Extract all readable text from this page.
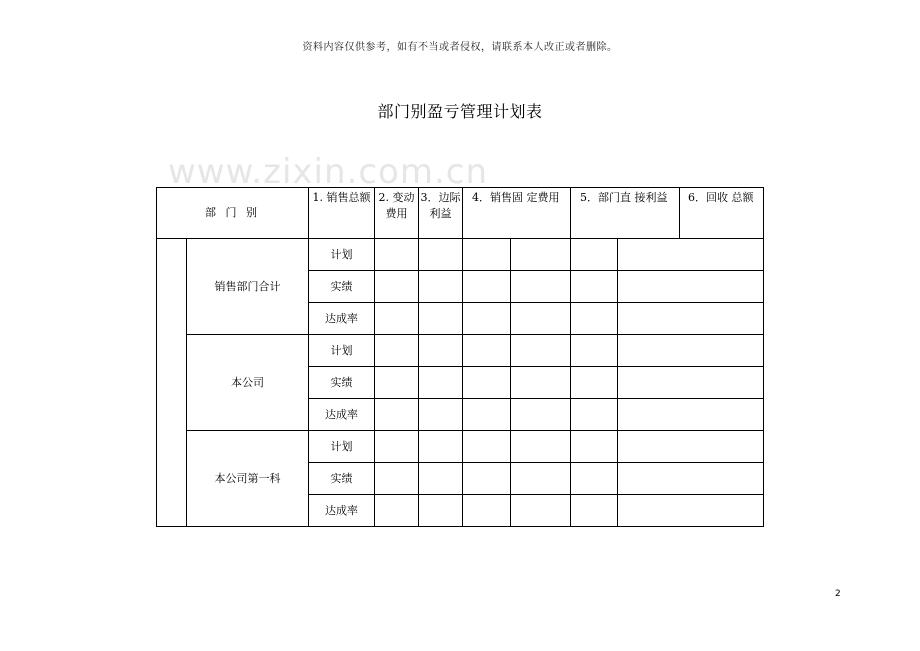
资料内容仅供参考，如有不当或者侵权，请联系本人改正或者删除。
www.zixin.com.cn
部门别盈亏管理计划表
部 门 别		1. 销售总额	2. 变动费用	3．边际利益	4．销售固 定费用		5．部门直 接利益		6．回收 总额
	销售部门合计	计划							
		实绩							
		达成率							
	本公司	计划							
		实绩							
		达成率							
	本公司第一科	计划							
		实绩							
		达成率							
2
